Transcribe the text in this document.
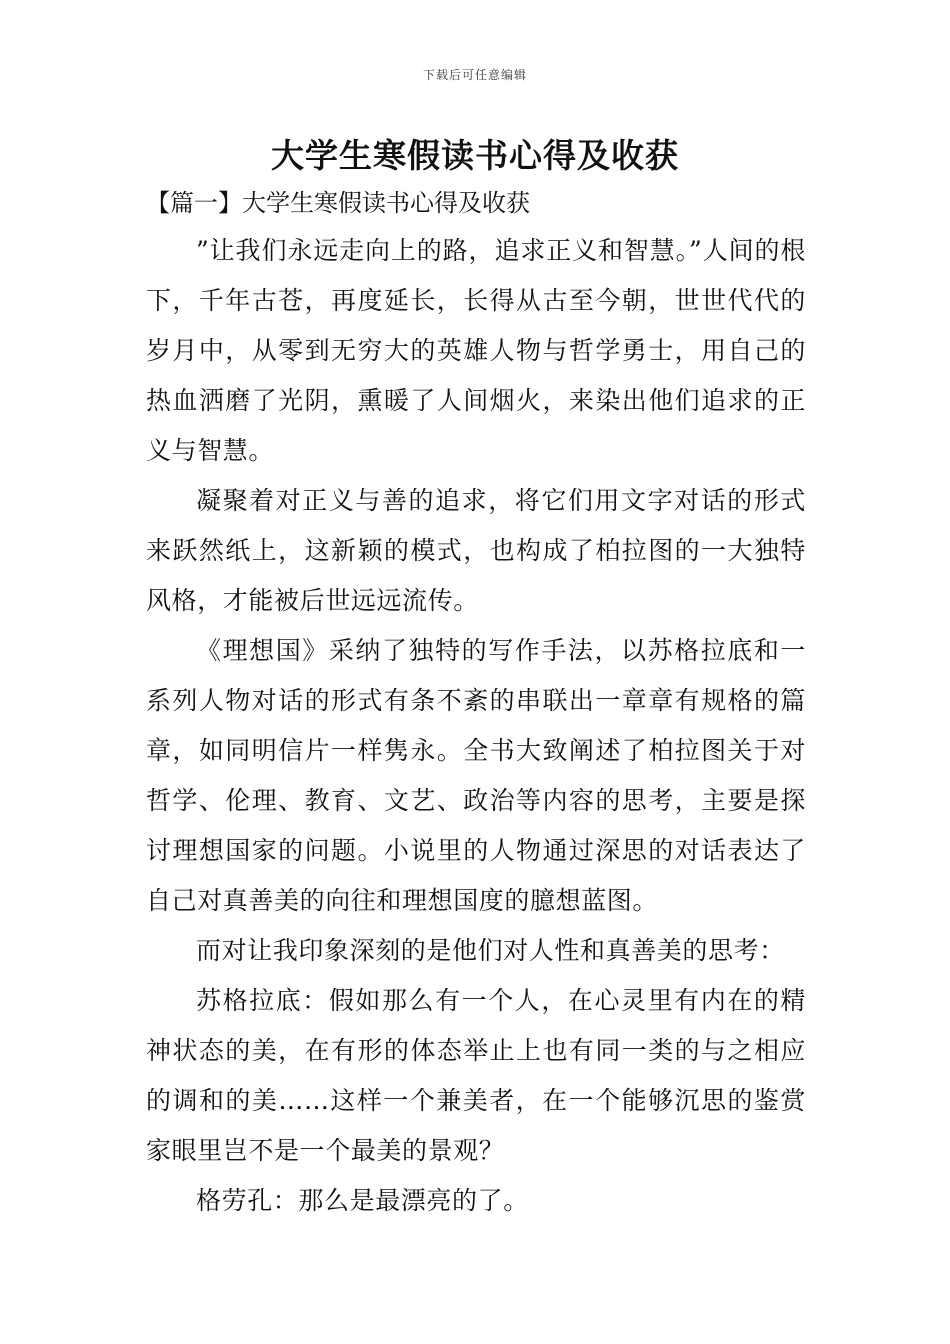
下载后可任意编辑
大学生寒假读书心得及收获
【篇一】大学生寒假读书心得及收获

”让我们永远走向上的路，追求正义和智慧。”人间的根下，千年古苍，再度延长，长得从古至今朝，世世代代的岁月中，从零到无穷大的英雄人物与哲学勇士，用自己的热血洒磨了光阴，熏暖了人间烟火，来染出他们追求的正义与智慧。

凝聚着对正义与善的追求，将它们用文字对话的形式来跃然纸上，这新颖的模式，也构成了柏拉图的一大独特风格，才能被后世远远流传。

《理想国》采纳了独特的写作手法，以苏格拉底和一系列人物对话的形式有条不紊的串联出一章章有规格的篇章，如同明信片一样隽永。全书大致阐述了柏拉图关于对哲学、伦理、教育、文艺、政治等内容的思考，主要是探讨理想国家的问题。小说里的人物通过深思的对话表达了自己对真善美的向往和理想国度的臆想蓝图。

而对让我印象深刻的是他们对人性和真善美的思考：

苏格拉底：假如那么有一个人，在心灵里有内在的精神状态的美，在有形的体态举止上也有同一类的与之相应的调和的美……这样一个兼美者，在一个能够沉思的鉴赏家眼里岂不是一个最美的景观？

格劳孔：那么是最漂亮的了。
